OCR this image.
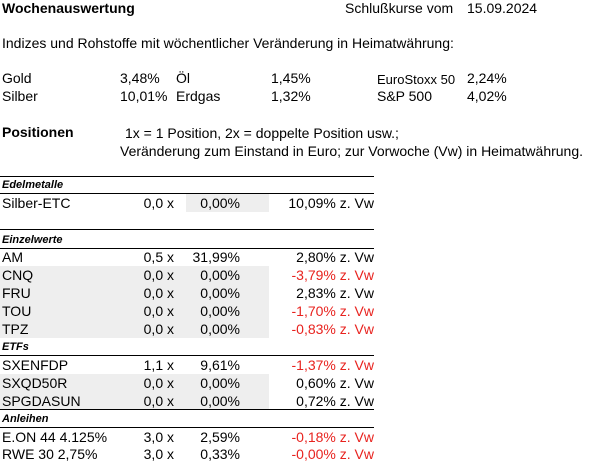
Wochenauswertung	Schlußkurse vom 15.09.2024
Indizes und Rohstoffe mit wöchentlicher Veränderung in Heimatwährung:
Gold	3,48% Öl	1,45%	EuroStoxx 50 2,24%
Silber	10,01% Erdgas	1,32%	S&P 500 4,02%
Positionen	1x = 1 Position, 2x = doppelte Position usw.;
Veränderung zum Einstand in Euro; zur Vorwoche (Vw) in Heimatwährung.
Edelmetalle
Einzelwerte
ETFs
Anleihen
Silber-ETC	0,0 x	0,00%	10,09% z. Vw
AM	0,5 x	31,99%	2,80% z. Vw
CNQ	0,0 x	0,00%	-3,79% z. Vw
FRU	0,0 x	0,00%	2,83% z. Vw
TOU	0,0 x	0,00%	-1,70% z. Vw
TPZ	0,0 x	0,00%	-0,83% z. Vw
SXENFDP	1,1 x	9,61%	-1,37% z. Vw
SXQD50R	0,0 x	0,00%	0,60% z. Vw
SPGDASUN	0,0 x	0,00%	0,72% z. Vw
E.ON 44 4.125%	3,0 x	2,59%	-0,18% z. Vw
RWE 30 2,75%	3,0 x	0,33%	-0,00% z. Vw
